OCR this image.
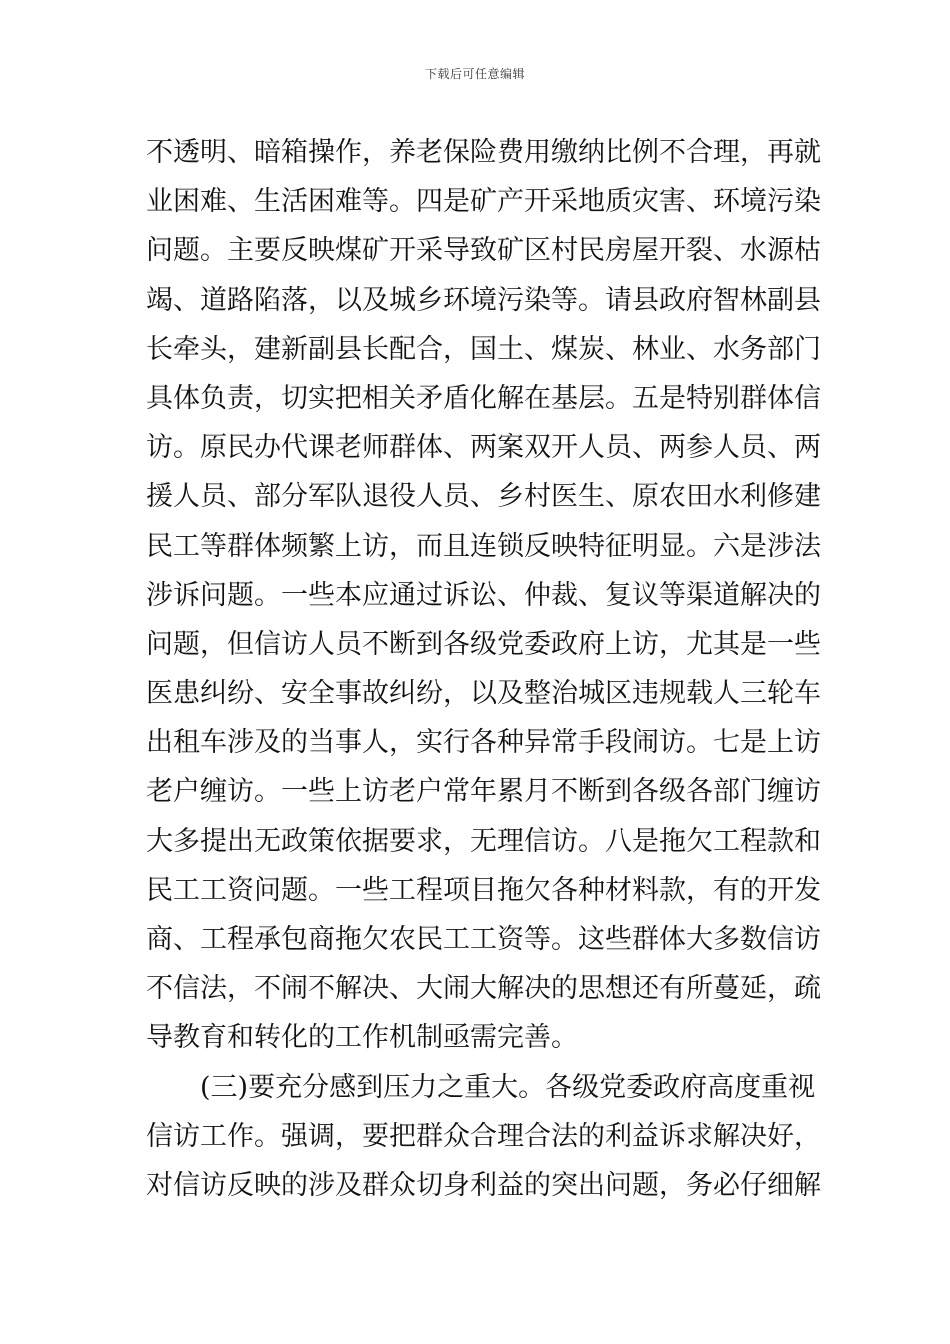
下载后可任意编辑
不透明、暗箱操作，养老保险费用缴纳比例不合理，再就
业困难、生活困难等。四是矿产开采地质灾害、环境污染
问题。主要反映煤矿开采导致矿区村民房屋开裂、水源枯
竭、道路陷落，以及城乡环境污染等。请县政府智林副县
长牵头，建新副县长配合，国土、煤炭、林业、水务部门
具体负责，切实把相关矛盾化解在基层。五是特别群体信
访。原民办代课老师群体、两案双开人员、两参人员、两
援人员、部分军队退役人员、乡村医生、原农田水利修建
民工等群体频繁上访，而且连锁反映特征明显。六是涉法
涉诉问题。一些本应通过诉讼、仲裁、复议等渠道解决的
问题，但信访人员不断到各级党委政府上访，尤其是一些
医患纠纷、安全事故纠纷，以及整治城区违规载人三轮车
出租车涉及的当事人，实行各种异常手段闹访。七是上访
老户缠访。一些上访老户常年累月不断到各级各部门缠访
大多提出无政策依据要求，无理信访。八是拖欠工程款和
民工工资问题。一些工程项目拖欠各种材料款，有的开发
商、工程承包商拖欠农民工工资等。这些群体大多数信访
不信法，不闹不解决、大闹大解决的思想还有所蔓延，疏
导教育和转化的工作机制亟需完善。
(三)要充分感到压力之重大。各级党委政府高度重视
信访工作。强调，要把群众合理合法的利益诉求解决好，
对信访反映的涉及群众切身利益的突出问题，务必仔细解
